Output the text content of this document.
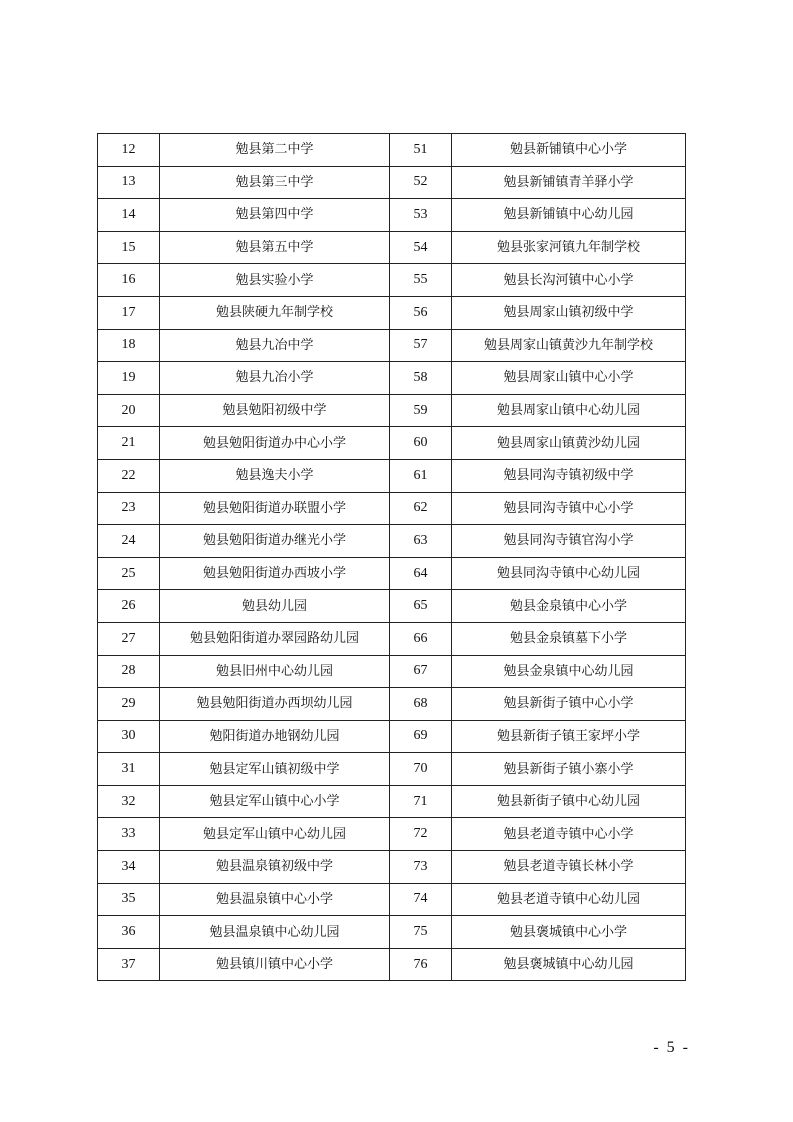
12	勉县第二中学	51	勉县新铺镇中心小学
13	勉县第三中学	52	勉县新铺镇青羊驿小学
14	勉县第四中学	53	勉县新铺镇中心幼儿园
15	勉县第五中学	54	勉县张家河镇九年制学校
16	勉县实验小学	55	勉县长沟河镇中心小学
17	勉县陕硬九年制学校	56	勉县周家山镇初级中学
18	勉县九冶中学	57	勉县周家山镇黄沙九年制学校
19	勉县九冶小学	58	勉县周家山镇中心小学
20	勉县勉阳初级中学	59	勉县周家山镇中心幼儿园
21	勉县勉阳街道办中心小学	60	勉县周家山镇黄沙幼儿园
22	勉县逸夫小学	61	勉县同沟寺镇初级中学
23	勉县勉阳街道办联盟小学	62	勉县同沟寺镇中心小学
24	勉县勉阳街道办继光小学	63	勉县同沟寺镇官沟小学
25	勉县勉阳街道办西坡小学	64	勉县同沟寺镇中心幼儿园
26	勉县幼儿园	65	勉县金泉镇中心小学
27	勉县勉阳街道办翠园路幼儿园	66	勉县金泉镇墓下小学
28	勉县旧州中心幼儿园	67	勉县金泉镇中心幼儿园
29	勉县勉阳街道办西坝幼儿园	68	勉县新街子镇中心小学
30	勉阳街道办地钢幼儿园	69	勉县新街子镇王家坪小学
31	勉县定军山镇初级中学	70	勉县新街子镇小寨小学
32	勉县定军山镇中心小学	71	勉县新街子镇中心幼儿园
33	勉县定军山镇中心幼儿园	72	勉县老道寺镇中心小学
34	勉县温泉镇初级中学	73	勉县老道寺镇长林小学
35	勉县温泉镇中心小学	74	勉县老道寺镇中心幼儿园
36	勉县温泉镇中心幼儿园	75	勉县褒城镇中心小学
37	勉县镇川镇中心小学	76	勉县褒城镇中心幼儿园
- 5 -
